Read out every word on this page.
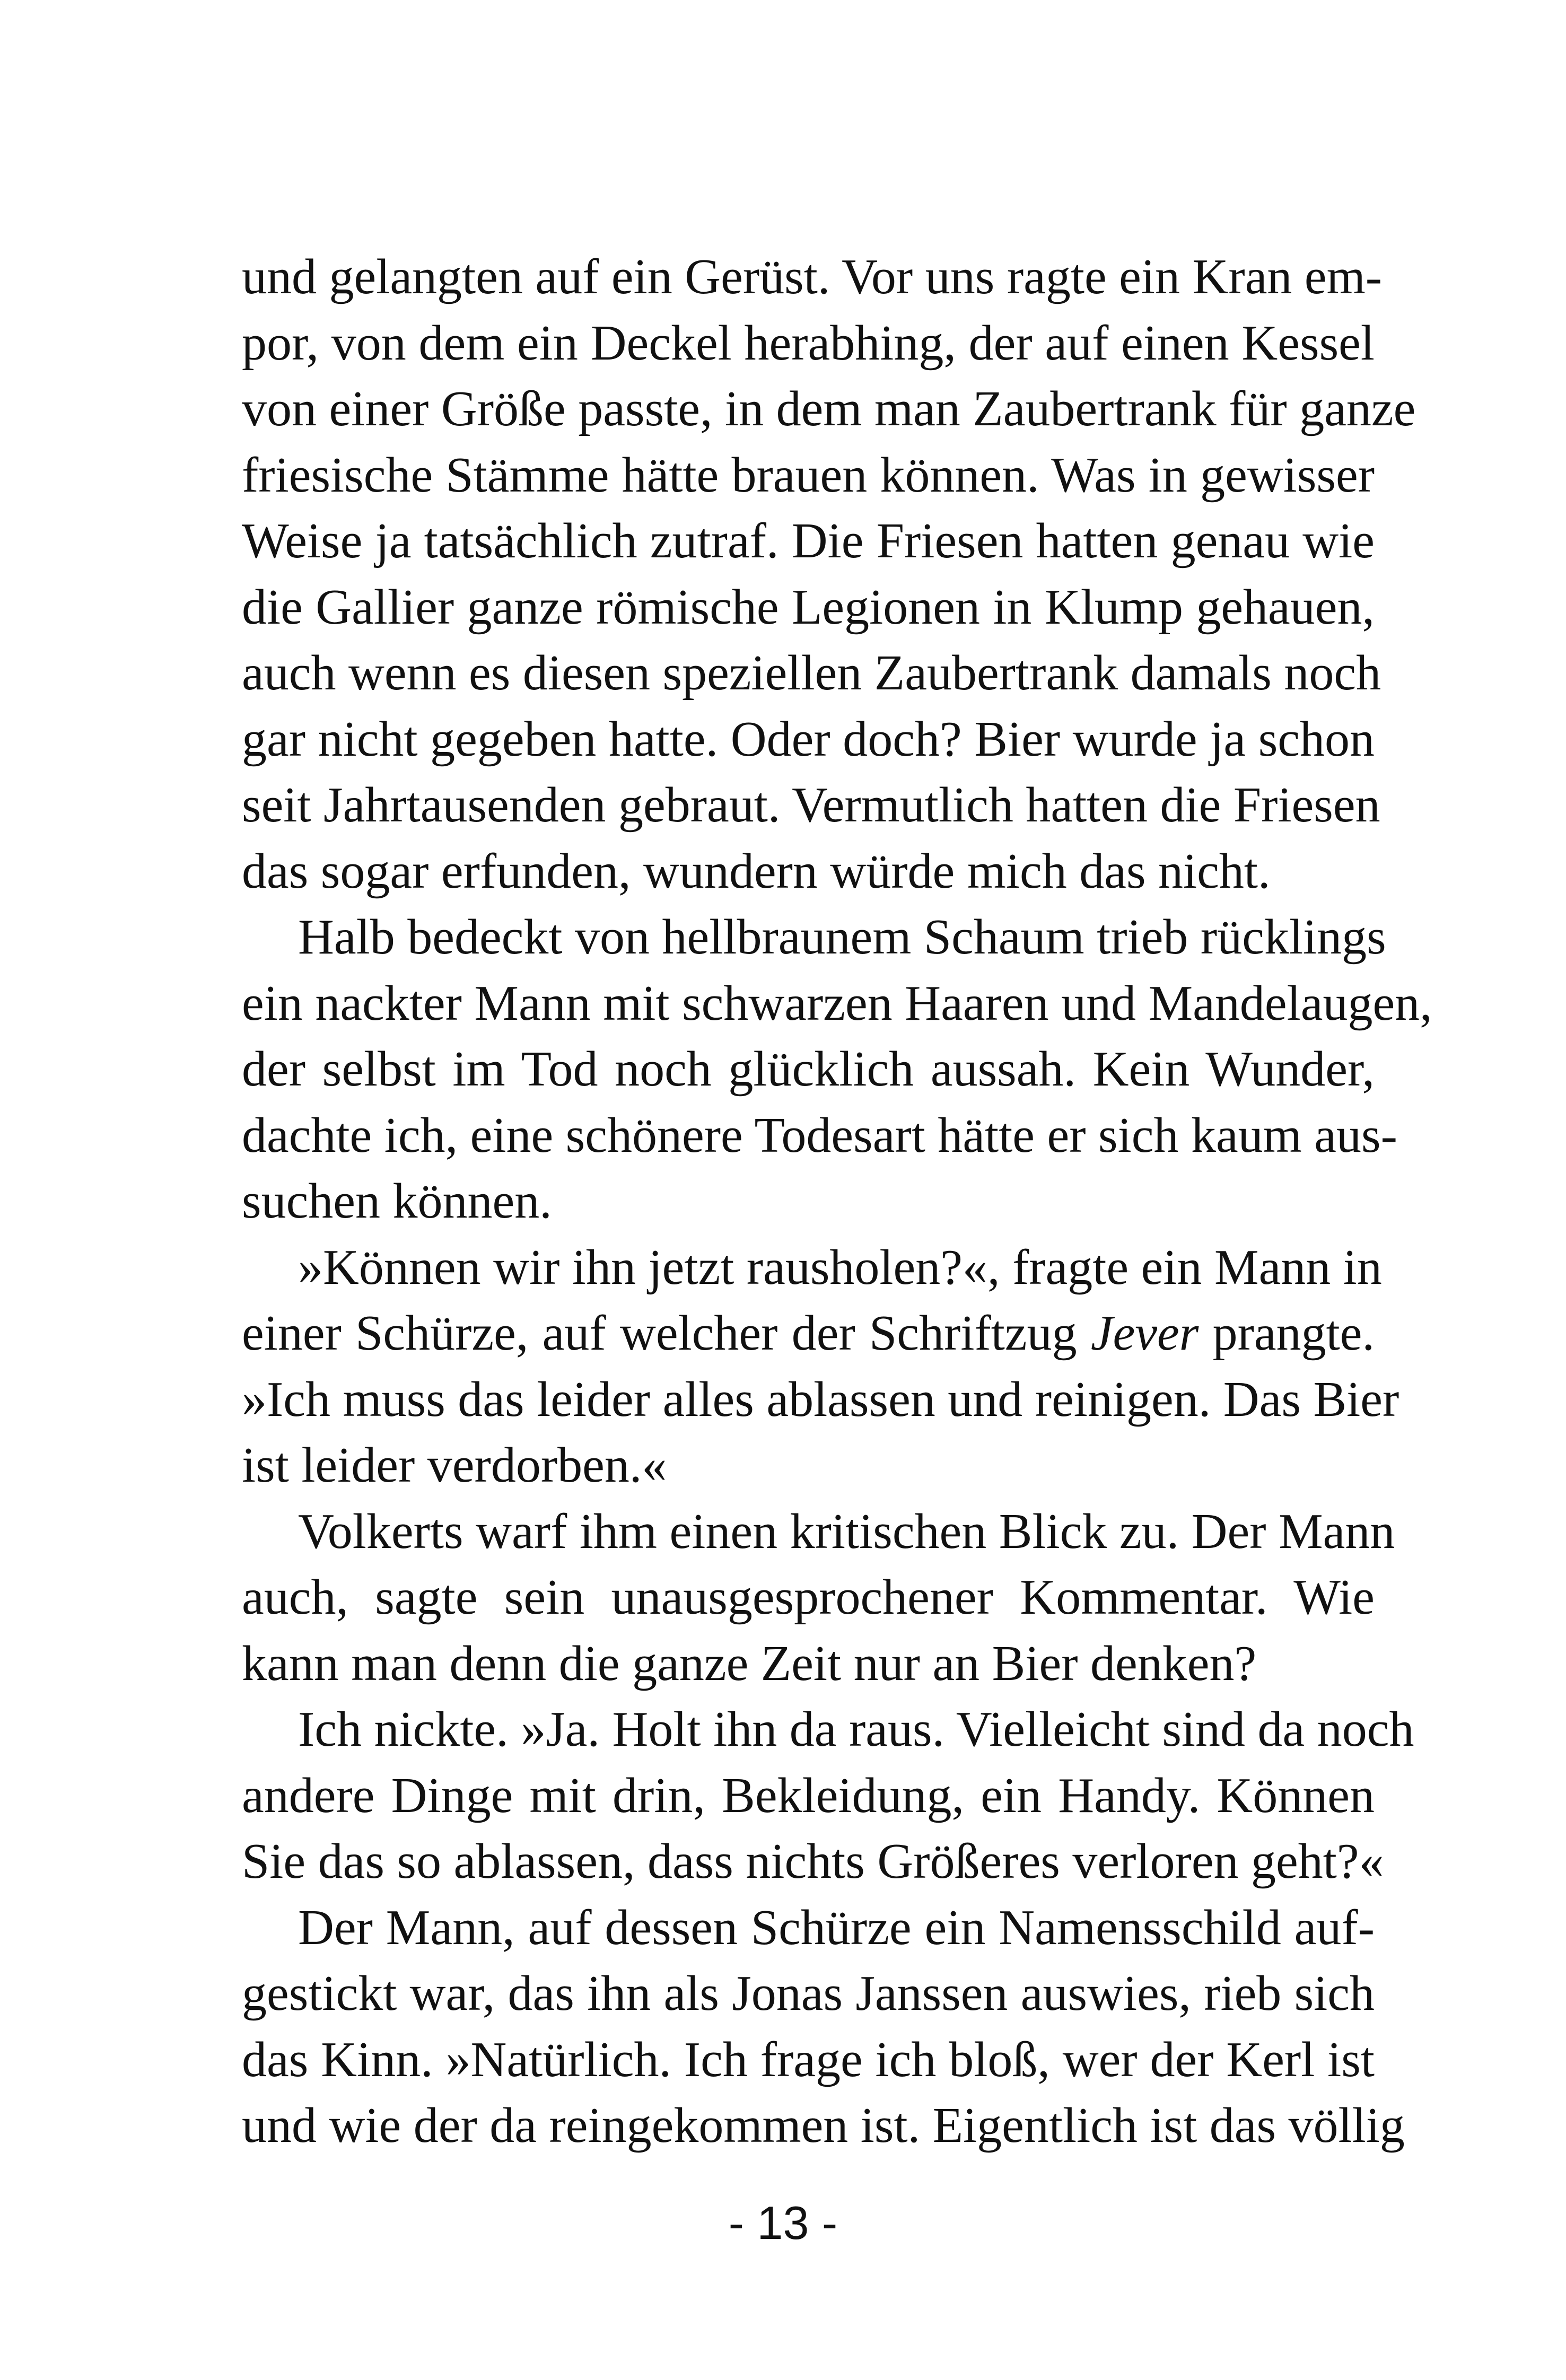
und gelangten auf ein Gerüst. Vor uns ragte ein Kran em-
por, von dem ein Deckel herabhing, der auf einen Kessel
von einer Größe passte, in dem man Zaubertrank für ganze
friesische Stämme hätte brauen können. Was in gewisser
Weise ja tatsächlich zutraf. Die Friesen hatten genau wie
die Gallier ganze römische Legionen in Klump gehauen,
auch wenn es diesen speziellen Zaubertrank damals noch
gar nicht gegeben hatte. Oder doch? Bier wurde ja schon
seit Jahrtausenden gebraut. Vermutlich hatten die Friesen
das sogar erfunden, wundern würde mich das nicht.
Halb bedeckt von hellbraunem Schaum trieb rücklings
ein nackter Mann mit schwarzen Haaren und Mandelaugen,
der selbst im Tod noch glücklich aussah. Kein Wunder,
dachte ich, eine schönere Todesart hätte er sich kaum aus-
suchen können.
»Können wir ihn jetzt rausholen?«, fragte ein Mann in
einer Schürze, auf welcher der Schriftzug Jever prangte.
»Ich muss das leider alles ablassen und reinigen. Das Bier
ist leider verdorben.«
Volkerts warf ihm einen kritischen Blick zu. Der Mann
auch, sagte sein unausgesprochener Kommentar. Wie
kann man denn die ganze Zeit nur an Bier denken?
Ich nickte. »Ja. Holt ihn da raus. Vielleicht sind da noch
andere Dinge mit drin, Bekleidung, ein Handy. Können
Sie das so ablassen, dass nichts Größeres verloren geht?«
Der Mann, auf dessen Schürze ein Namensschild auf-
gestickt war, das ihn als Jonas Janssen auswies, rieb sich
das Kinn. »Natürlich. Ich frage ich bloß, wer der Kerl ist
und wie der da reingekommen ist. Eigentlich ist das völlig
- 13 -
